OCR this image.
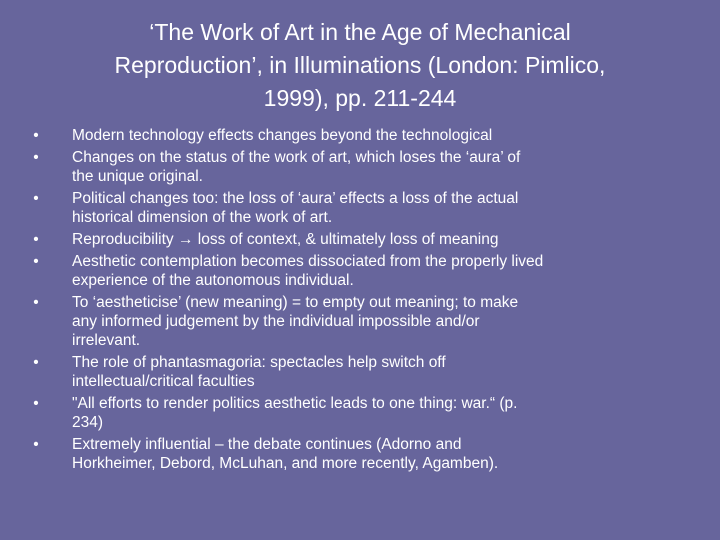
‘The Work of Art in the Age of Mechanical
Reproduction’, in Illuminations (London: Pimlico,
1999), pp. 211-244
• Modern technology effects changes beyond the technological
• Changes on the status of the work of art, which loses the ‘aura’ of
the unique original.
• Political changes too: the loss of ‘aura’ effects a loss of the actual
historical dimension of the work of art.
• Reproducibility → loss of context, & ultimately loss of meaning
• Aesthetic contemplation becomes dissociated from the properly lived
experience of the autonomous individual.
• To ‘aestheticise’ (new meaning) = to empty out meaning; to make
any informed judgement by the individual impossible and/or
irrelevant.
• The role of phantasmagoria: spectacles help switch off
intellectual/critical faculties
• "All efforts to render politics aesthetic leads to one thing: war.“ (p.
234)
• Extremely influential – the debate continues (Adorno and
Horkheimer, Debord, McLuhan, and more recently, Agamben).
